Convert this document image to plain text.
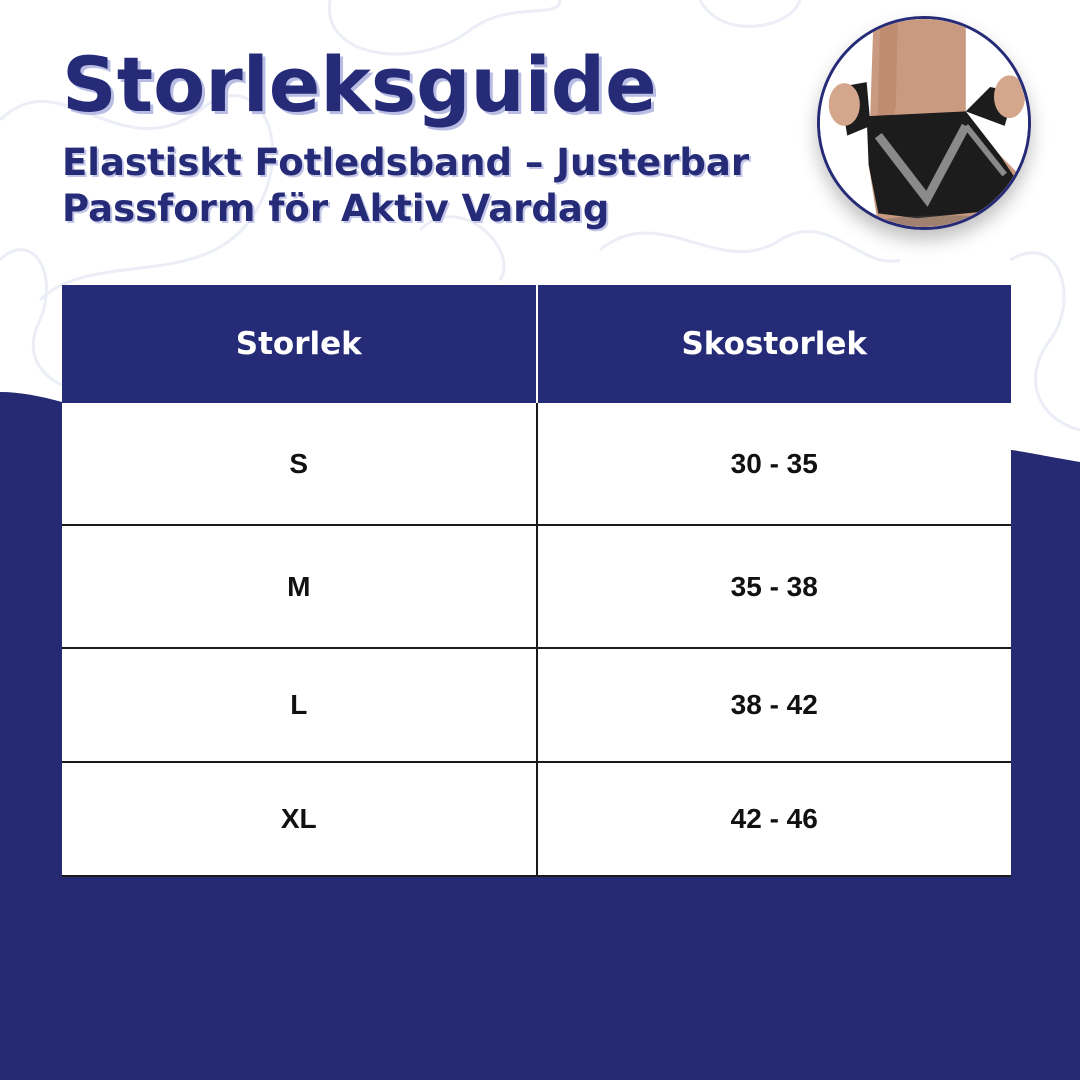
Storleksguide
Elastiskt Fotledsband – Justerbar
Passform för Aktiv Vardag
Storlek	Skostorlek
S	30 - 35
M	35 - 38
L	38 - 42
XL	42 - 46
